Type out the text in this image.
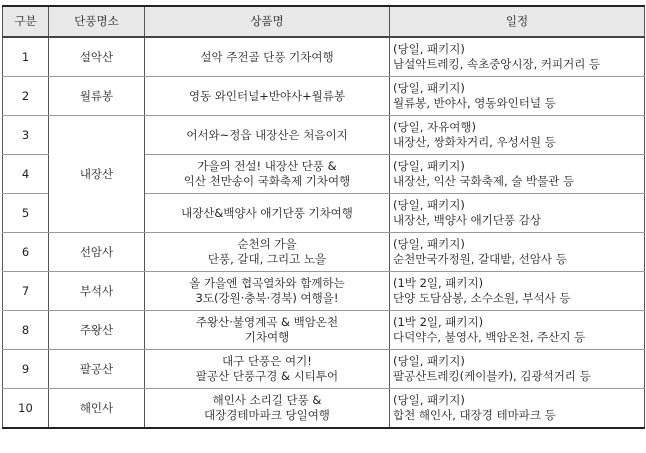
구분	단풍명소	상품명	일정
1	설악산	설악 주전골 단풍 기차여행	(당일, 패키지)
남설악트레킹, 속초중앙시장, 커피거리 등

2	월류봉	영동 와인터널+반야사+월류봉	(당일, 패키지)
월류봉, 반야사, 영동와인터널 등

3	내장산	어서와~정읍 내장산은 처음이지	(당일, 자유여행)
내장산, 쌍화차거리, 우성서원 등

4		가을의 전설! 내장산 단풍 &
익산 천만송이 국화축제 기차여행	(당일, 패키지)
내장산, 익산 국화축제, 술 박물관 등

5		내장산&백양사 애기단풍 기차여행	(당일, 패키지)
내장산, 백양사 애기단풍 감상

6	선암사	순천의 가을
단풍, 갈대, 그리고 노을	(당일, 패키지)
순천만국가정원, 갈대밭, 선암사 등

7	부석사	올 가을엔 협곡열차와 함께하는
3도(강원·충북·경북) 여행을!	(1박 2일, 패키지)
단양 도담삼봉, 소수소원, 부석사 등

8	주왕산	주왕산·불영계곡 & 백암온천
기차여행	(1박 2일, 패키지)
다덕약수, 불영사, 백암온천, 주산지 등

9	팔공산	대구 단풍은 여기!
팔공산 단풍구경 & 시티투어	(당일, 패키지)
팔공산트레킹(케이블카), 김광석거리 등

10	해인사	해인사 소리길 단풍 &
대장경테마파크 당일여행	(당일, 패키지)
합천 해인사, 대장경 테마파크 등
